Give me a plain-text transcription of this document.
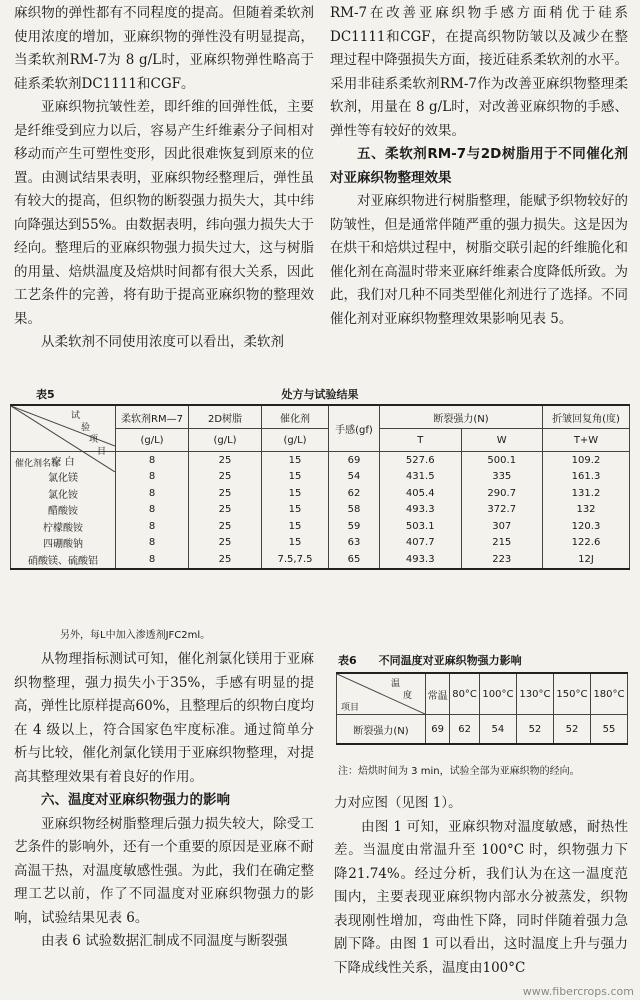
麻织物的弹性都有不同程度的提高。但随着柔软剂使用浓度的增加，亚麻织物的弹性没有明显提高，当柔软剂RM-7为 8 g/L时，亚麻织物弹性略高于硅系柔软剂DC1111和CGF。

亚麻织物抗皱性差，即纤维的回弹性低，主要是纤维受到应力以后，容易产生纤维素分子间相对移动而产生可塑性变形，因此很难恢复到原来的位置。由测试结果表明，亚麻织物经整理后，弹性虽有较大的提高，但织物的断裂强力损失大，其中纬向降强达到55%。由数据表明，纬向强力损失大于经向。整理后的亚麻织物强力损失过大，这与树脂的用量、焙烘温度及焙烘时间都有很大关系，因此工艺条件的完善，将有助于提高亚麻织物的整理效果。

从柔软剂不同使用浓度可以看出，柔软剂

RM-7在改善亚麻织物手感方面稍优于硅系DC1111和CGF，在提高织物防皱以及减少在整理过程中降强损失方面，接近硅系柔软剂的水平。采用非硅系柔软剂RM-7作为改善亚麻织物整理柔软剂，用量在 8 g/L时，对改善亚麻织物的手感、弹性等有较好的效果。

五、柔软剂RM-7与2D树脂用于不同催化剂对亚麻织物整理效果

对亚麻织物进行树脂整理，能赋予织物较好的防皱性，但是通常伴随严重的强力损失。这是因为在烘干和焙烘过程中，树脂交联引起的纤维脆化和催化剂在高温时带来亚麻纤维素合度降低所致。为此，我们对几种不同类型催化剂进行了选择。不同催化剂对亚麻织物整理效果影响见表 5。

表5	处方与试验结果
试
验
项
目
催化剂名称	柔软剂RM—7	2D树脂	催化剂	手感(gf)	断裂强力(N)		折皱回复角(度)
	(g/L)	(g/L)	(g/L)		T	W	T+W
空 白	8	25	15	69	527.6	500.1	109.2
氯化镁	8	25	15	54	431.5	335	161.3
氯化铵	8	25	15	62	405.4	290.7	131.2
醋酸铵	8	25	15	58	493.3	372.7	132
柠檬酸铵	8	25	15	59	503.1	307	120.3
四硼酸钠	8	25	15	63	407.7	215	122.6
硝酸镁、硫酸铝	8	25	7.5,7.5	65	493.3	223	12J
另外，每L中加入渗透剂JFC2ml。

从物理指标测试可知，催化剂氯化镁用于亚麻织物整理，强力损失小于35%，手感有明显的提高，弹性比原样提高60%，且整理后的织物白度均在 4 级以上，符合国家色牢度标准。通过简单分析与比较，催化剂氯化镁用于亚麻织物整理，对提高其整理效果有着良好的作用。

六、温度对亚麻织物强力的影响

亚麻织物经树脂整理后强力损失较大，除受工艺条件的影响外，还有一个重要的原因是亚麻不耐高温干热，对温度敏感性强。为此，我们在确定整理工艺以前，作了不同温度对亚麻织物强力的影响，试验结果见表 6。

由表 6 试验数据汇制成不同温度与断裂强

表6　　不同温度对亚麻织物强力影响
温
度
项目	常温	80°C	100°C	130°C	150°C	180°C
断裂强力(N)	69	62	54	52	52	55
注：焙烘时间为 3 min，试验全部为亚麻织物的经向。

力对应图（见图 1）。

由图 1 可知，亚麻织物对温度敏感，耐热性差。当温度由常温升至 100°C 时，织物强力下降21.74%。经过分析，我们认为在这一温度范围内，主要表现亚麻织物内部水分被蒸发，织物表现刚性增加，弯曲性下降，同时伴随着强力急剧下降。由图 1 可以看出，这时温度上升与强力下降成线性关系，温度由100°C

www.fibercrops.com
